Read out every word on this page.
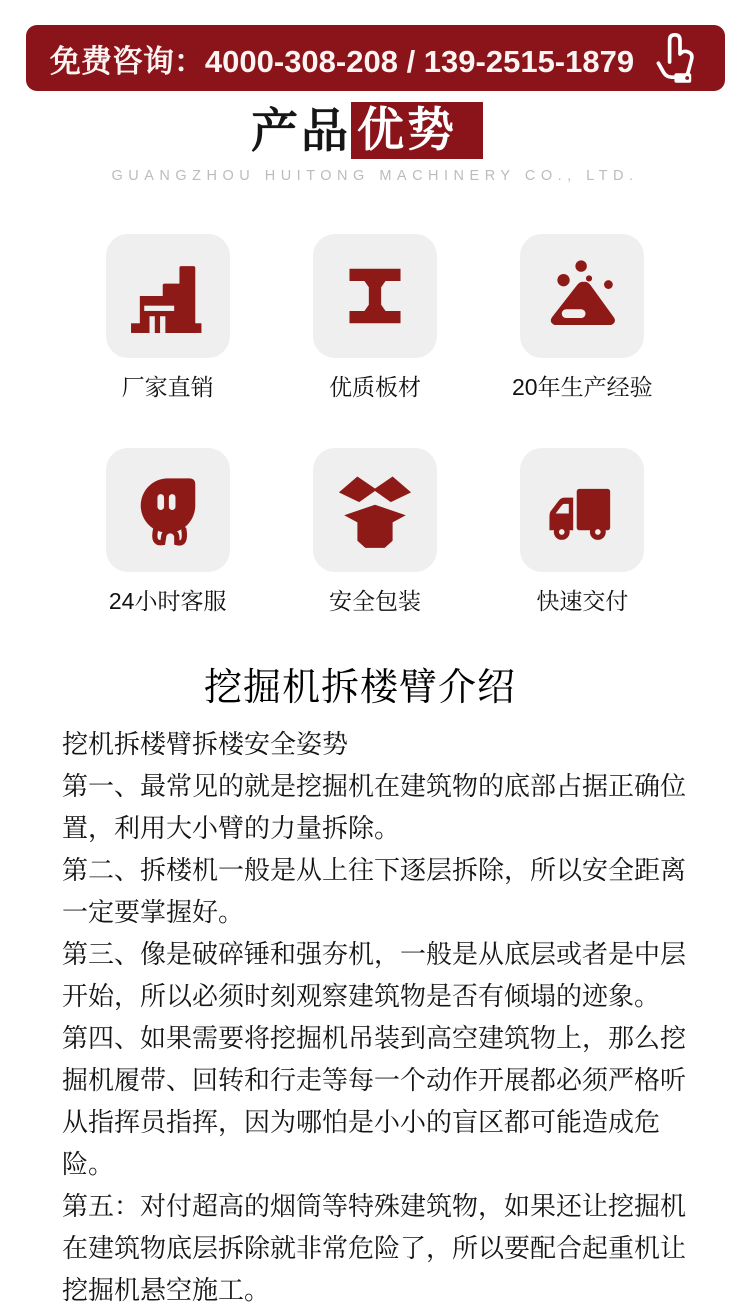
免费咨询：4000-308-208 / 139-2515-1879
产品 优势
GUANGZHOU HUITONG MACHINERY CO., LTD.
厂家直销	优质板材	20年生产经验
24小时客服	安全包装	快速交付
挖掘机拆楼臂介绍

挖机拆楼臂拆楼安全姿势

第一、最常见的就是挖掘机在建筑物的底部占据正确位置，利用大小臂的力量拆除。

第二、拆楼机一般是从上往下逐层拆除，所以安全距离一定要掌握好。

第三、像是破碎锤和强夯机，一般是从底层或者是中层开始，所以必须时刻观察建筑物是否有倾塌的迹象。

第四、如果需要将挖掘机吊装到高空建筑物上，那么挖掘机履带、回转和行走等每一个动作开展都必须严格听从指挥员指挥，因为哪怕是小小的盲区都可能造成危险。

第五：对付超高的烟筒等特殊建筑物，如果还让挖掘机在建筑物底层拆除就非常危险了，所以要配合起重机让挖掘机悬空施工。
